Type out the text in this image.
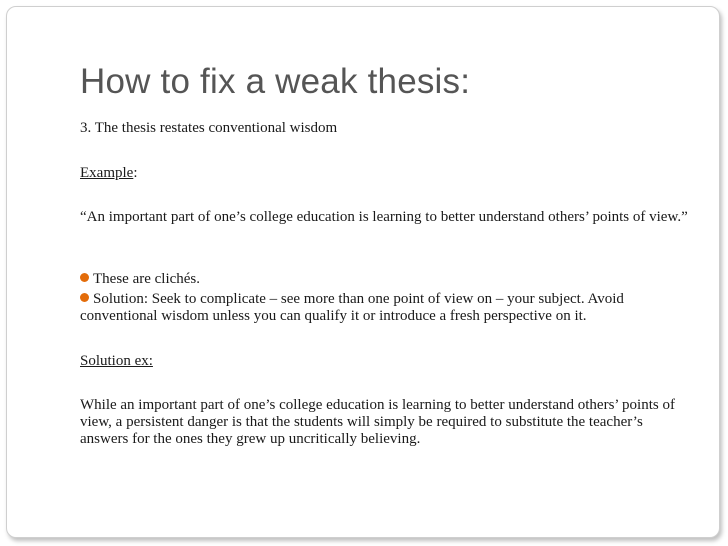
How to fix a weak thesis:

3. The thesis restates conventional wisdom

Example:

“An important part of one’s college education is learning to better understand others’ points of view.”

These are clichés.

Solution: Seek to complicate – see more than one point of view on – your subject. Avoid conventional wisdom unless you can qualify it or introduce a fresh perspective on it.

Solution ex:

While an important part of one’s college education is learning to better understand others’ points of view, a persistent danger is that the students will simply be required to substitute the teacher’s answers for the ones they grew up uncritically believing.
